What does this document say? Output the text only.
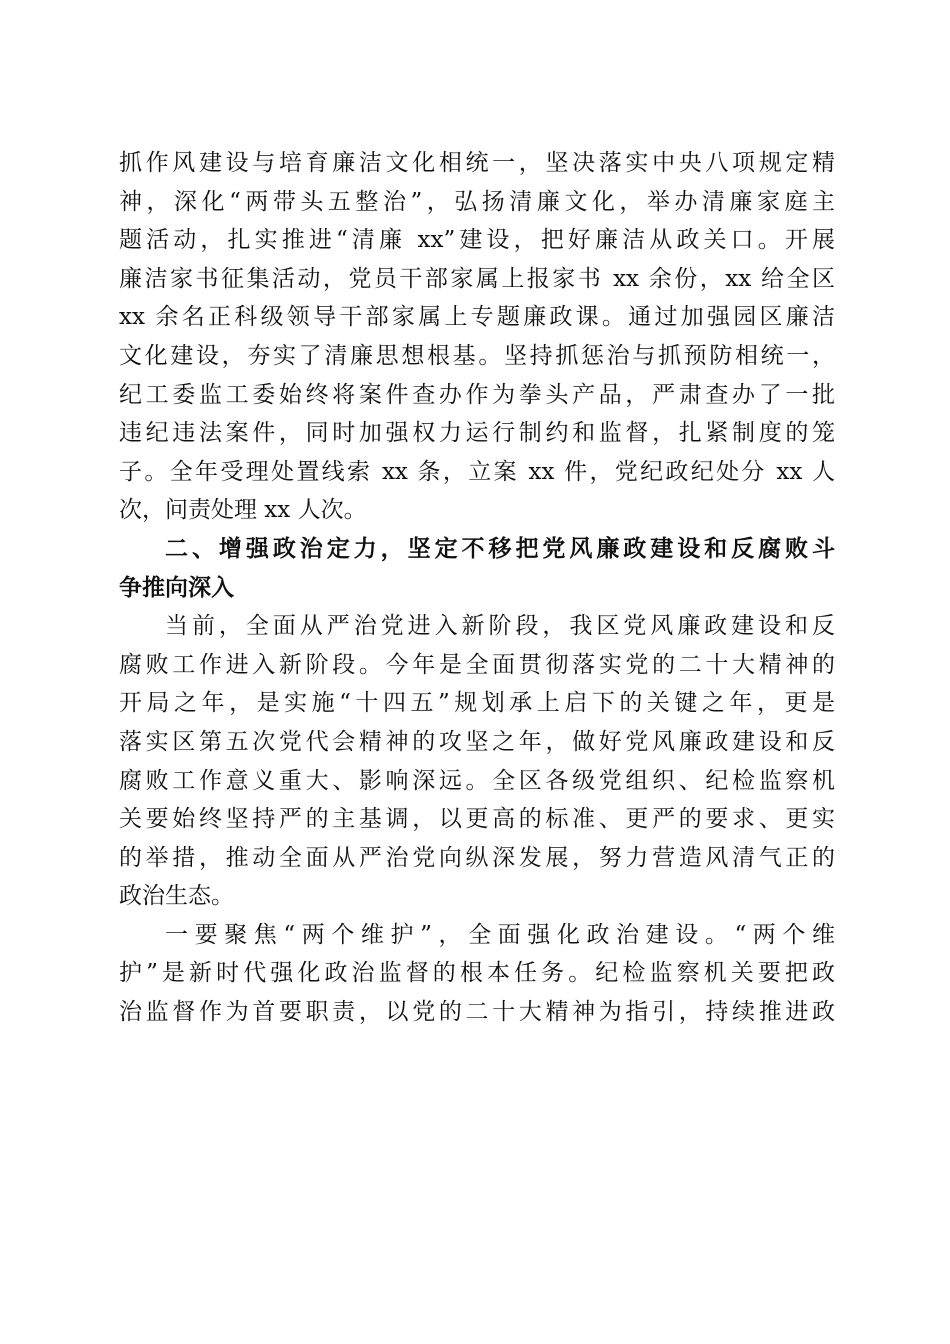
抓作风建设与培育廉洁文化相统一，坚决落实中央八项规定精
神，深化“两带头五整治”，弘扬清廉文化，举办清廉家庭主
题活动，扎实推进“清廉 xx”建设，把好廉洁从政关口。开展
廉洁家书征集活动，党员干部家属上报家书 xx 余份，xx 给全区
xx 余名正科级领导干部家属上专题廉政课。通过加强园区廉洁
文化建设，夯实了清廉思想根基。坚持抓惩治与抓预防相统一，
纪工委监工委始终将案件查办作为拳头产品，严肃查办了一批
违纪违法案件，同时加强权力运行制约和监督，扎紧制度的笼
子。全年受理处置线索 xx 条，立案 xx 件，党纪政纪处分 xx 人
次，问责处理 xx 人次。
二、增强政治定力，坚定不移把党风廉政建设和反腐败斗
争推向深入
当前，全面从严治党进入新阶段，我区党风廉政建设和反
腐败工作进入新阶段。今年是全面贯彻落实党的二十大精神的
开局之年，是实施“十四五”规划承上启下的关键之年，更是
落实区第五次党代会精神的攻坚之年，做好党风廉政建设和反
腐败工作意义重大、影响深远。全区各级党组织、纪检监察机
关要始终坚持严的主基调，以更高的标准、更严的要求、更实
的举措，推动全面从严治党向纵深发展，努力营造风清气正的
政治生态。
一要聚焦“两个维护”，全面强化政治建设。“两个维
护”是新时代强化政治监督的根本任务。纪检监察机关要把政
治监督作为首要职责，以党的二十大精神为指引，持续推进政
